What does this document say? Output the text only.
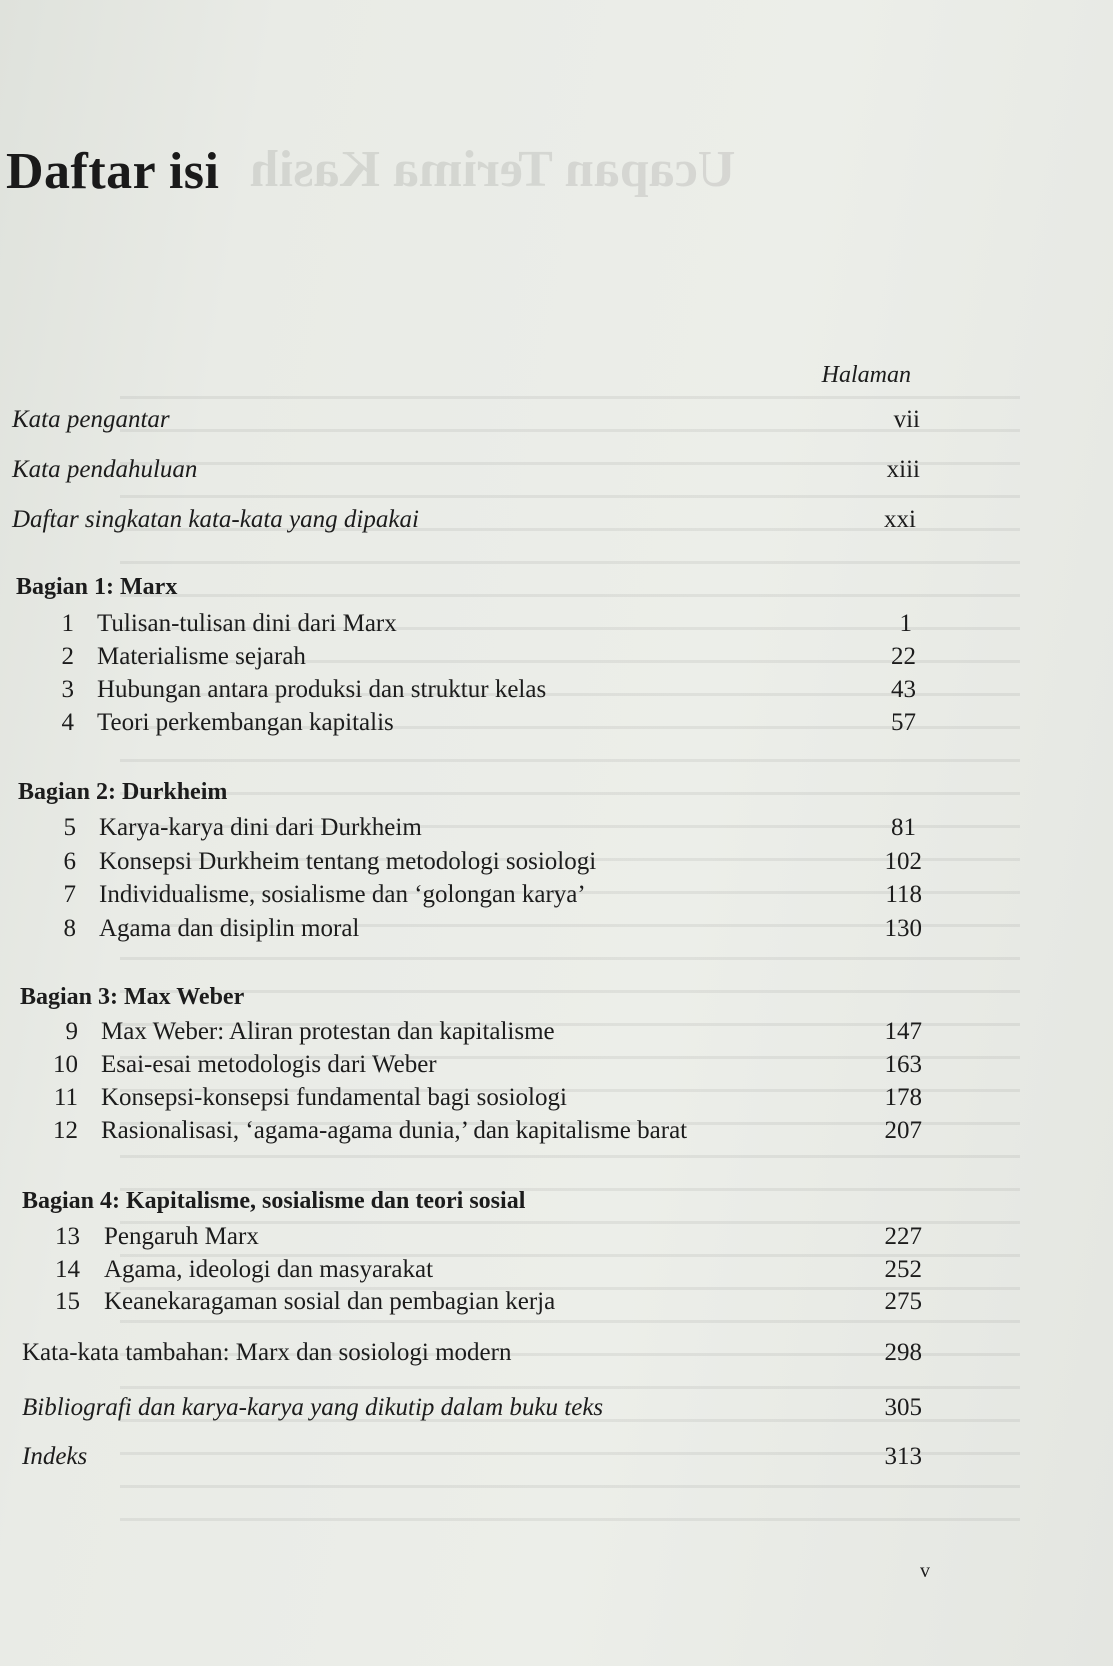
Ucapan Terima Kasih
Daftar isi
Halaman
Kata pengantar	vii
Kata pendahuluan	xiii
Daftar singkatan kata-kata yang dipakai	xxi
Bagian 1: Marx
1 Tulisan-tulisan dini dari Marx	1
2 Materialisme sejarah	22
3 Hubungan antara produksi dan struktur kelas	43
4 Teori perkembangan kapitalis	57
Bagian 2: Durkheim
5 Karya-karya dini dari Durkheim	81
6 Konsepsi Durkheim tentang metodologi sosiologi	102
7 Individualisme, sosialisme dan ‘golongan karya’	118
8 Agama dan disiplin moral	130
Bagian 3: Max Weber
9 Max Weber: Aliran protestan dan kapitalisme	147
10 Esai-esai metodologis dari Weber	163
11 Konsepsi-konsepsi fundamental bagi sosiologi	178
12 Rasionalisasi, ‘agama-agama dunia,’ dan kapitalisme barat	207
Bagian 4: Kapitalisme, sosialisme dan teori sosial
13 Pengaruh Marx	227
14 Agama, ideologi dan masyarakat	252
15 Keanekaragaman sosial dan pembagian kerja	275
Kata-kata tambahan: Marx dan sosiologi modern	298
Bibliografi dan karya-karya yang dikutip dalam buku teks	305
Indeks	313
v
